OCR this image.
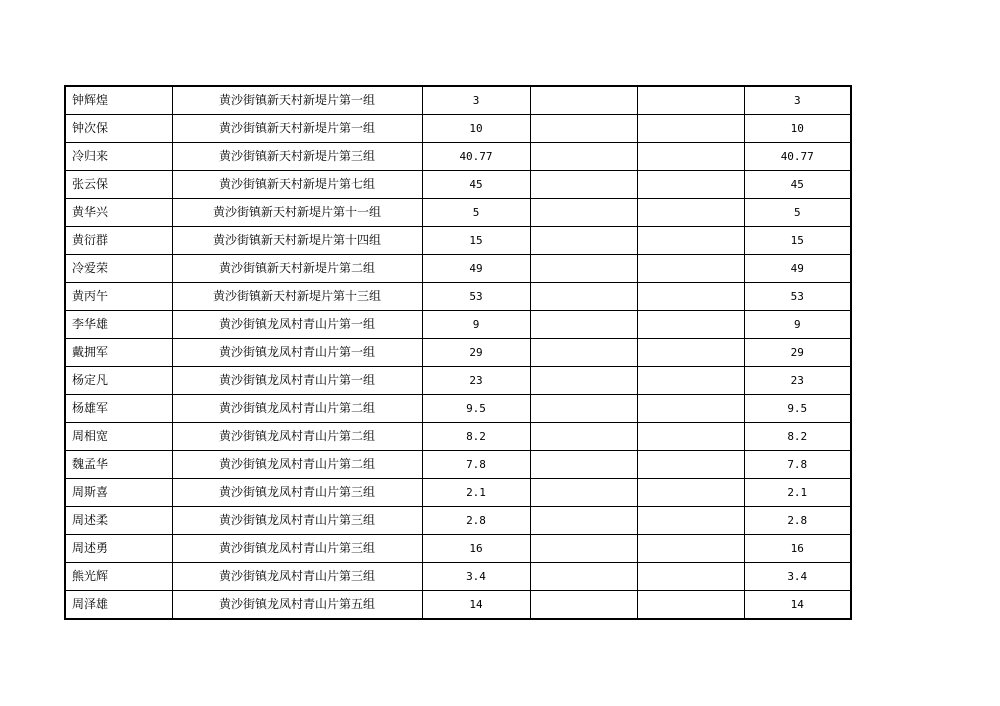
钟辉煌	黄沙街镇新天村新堤片第一组	3			3
钟次保	黄沙街镇新天村新堤片第一组	10			10
冷归来	黄沙街镇新天村新堤片第三组	40.77			40.77
张云保	黄沙街镇新天村新堤片第七组	45			45
黄华兴	黄沙街镇新天村新堤片第十一组	5			5
黄衍群	黄沙街镇新天村新堤片第十四组	15			15
冷爱荣	黄沙街镇新天村新堤片第二组	49			49
黄丙午	黄沙街镇新天村新堤片第十三组	53			53
李华雄	黄沙街镇龙凤村青山片第一组	9			9
戴拥军	黄沙街镇龙凤村青山片第一组	29			29
杨定凡	黄沙街镇龙凤村青山片第一组	23			23
杨雄军	黄沙街镇龙凤村青山片第二组	9.5			9.5
周相宽	黄沙街镇龙凤村青山片第二组	8.2			8.2
魏孟华	黄沙街镇龙凤村青山片第二组	7.8			7.8
周斯喜	黄沙街镇龙凤村青山片第三组	2.1			2.1
周述柔	黄沙街镇龙凤村青山片第三组	2.8			2.8
周述勇	黄沙街镇龙凤村青山片第三组	16			16
熊光辉	黄沙街镇龙凤村青山片第三组	3.4			3.4
周泽雄	黄沙街镇龙凤村青山片第五组	14			14
